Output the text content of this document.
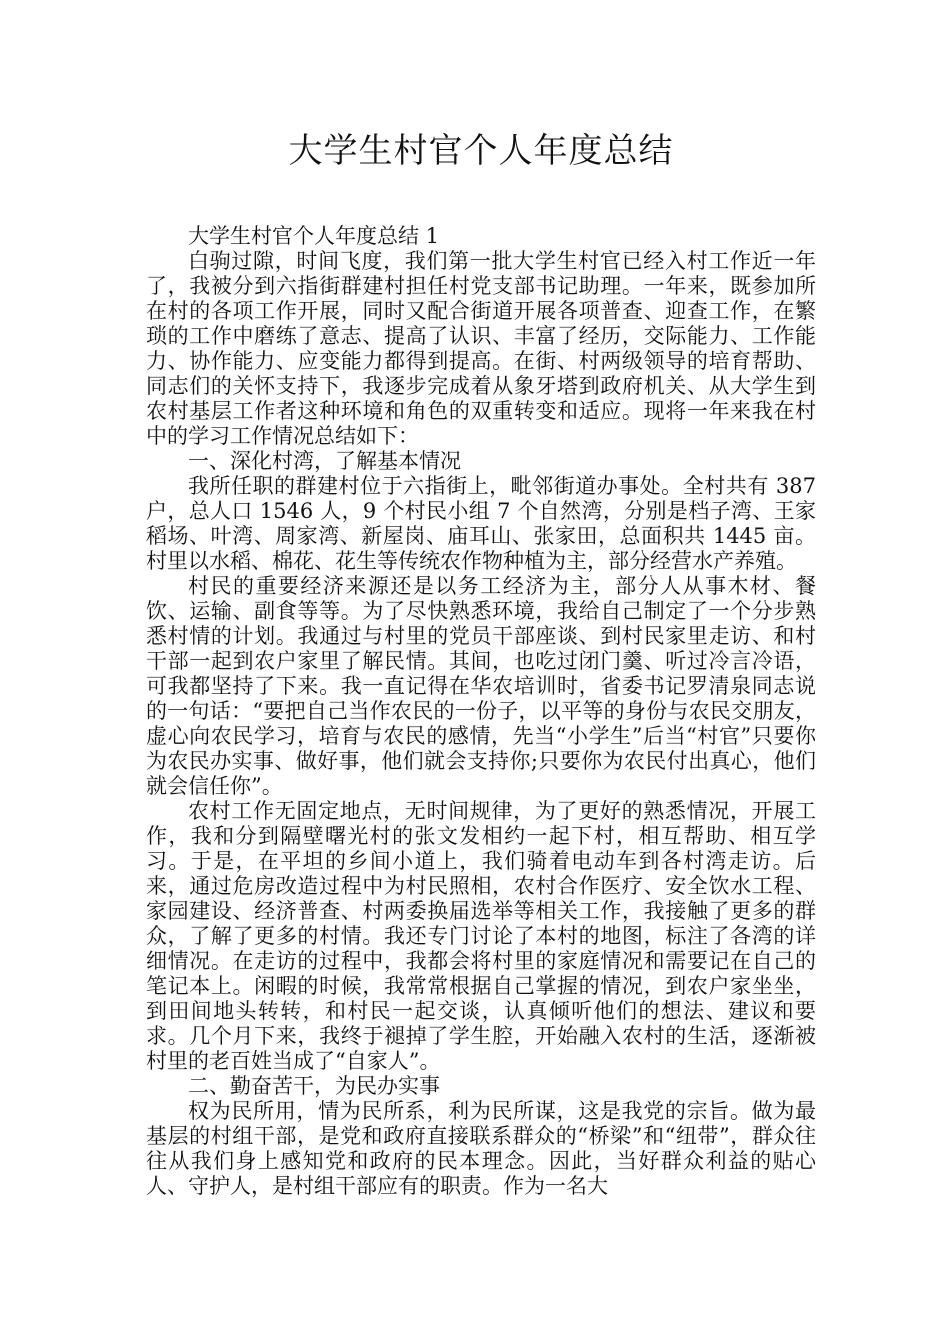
大学生村官个人年度总结

大学生村官个人年度总结 1

白驹过隙，时间飞度，我们第一批大学生村官已经入村工作近一年了，我被分到六指街群建村担任村党支部书记助理。一年来，既参加所在村的各项工作开展，同时又配合街道开展各项普查、迎查工作，在繁琐的工作中磨练了意志、提高了认识、丰富了经历，交际能力、工作能力、协作能力、应变能力都得到提高。在街、村两级领导的培育帮助、同志们的关怀支持下，我逐步完成着从象牙塔到政府机关、从大学生到农村基层工作者这种环境和角色的双重转变和适应。现将一年来我在村中的学习工作情况总结如下：

一、深化村湾，了解基本情况

我所任职的群建村位于六指街上，毗邻街道办事处。全村共有 387 户，总人口 1546 人，9 个村民小组 7 个自然湾，分别是档子湾、王家稻场、叶湾、周家湾、新屋岗、庙耳山、张家田，总面积共 1445 亩。村里以水稻、棉花、花生等传统农作物种植为主，部分经营水产养殖。

村民的重要经济来源还是以务工经济为主，部分人从事木材、餐饮、运输、副食等等。为了尽快熟悉环境，我给自己制定了一个分步熟悉村情的计划。我通过与村里的党员干部座谈、到村民家里走访、和村干部一起到农户家里了解民情。其间，也吃过闭门羹、听过冷言冷语，可我都坚持了下来。我一直记得在华农培训时，省委书记罗清泉同志说的一句话：“要把自己当作农民的一份子，以平等的身份与农民交朋友，虚心向农民学习，培育与农民的感情，先当“小学生”后当“村官”只要你为农民办实事、做好事，他们就会支持你;只要你为农民付出真心，他们就会信任你”。

农村工作无固定地点，无时间规律，为了更好的熟悉情况，开展工作，我和分到隔壁曙光村的张文发相约一起下村，相互帮助、相互学习。于是，在平坦的乡间小道上，我们骑着电动车到各村湾走访。后来，通过危房改造过程中为村民照相，农村合作医疗、安全饮水工程、家园建设、经济普查、村两委换届选举等相关工作，我接触了更多的群众，了解了更多的村情。我还专门讨论了本村的地图，标注了各湾的详细情况。在走访的过程中，我都会将村里的家庭情况和需要记在自己的笔记本上。闲暇的时候，我常常根据自己掌握的情况，到农户家坐坐，到田间地头转转，和村民一起交谈，认真倾听他们的想法、建议和要求。几个月下来，我终于褪掉了学生腔，开始融入农村的生活，逐渐被村里的老百姓当成了“自家人”。

二、勤奋苦干，为民办实事

权为民所用，情为民所系，利为民所谋，这是我党的宗旨。做为最基层的村组干部，是党和政府直接联系群众的“桥梁”和“纽带”，群众往往从我们身上感知党和政府的民本理念。因此，当好群众利益的贴心人、守护人，是村组干部应有的职责。作为一名大
